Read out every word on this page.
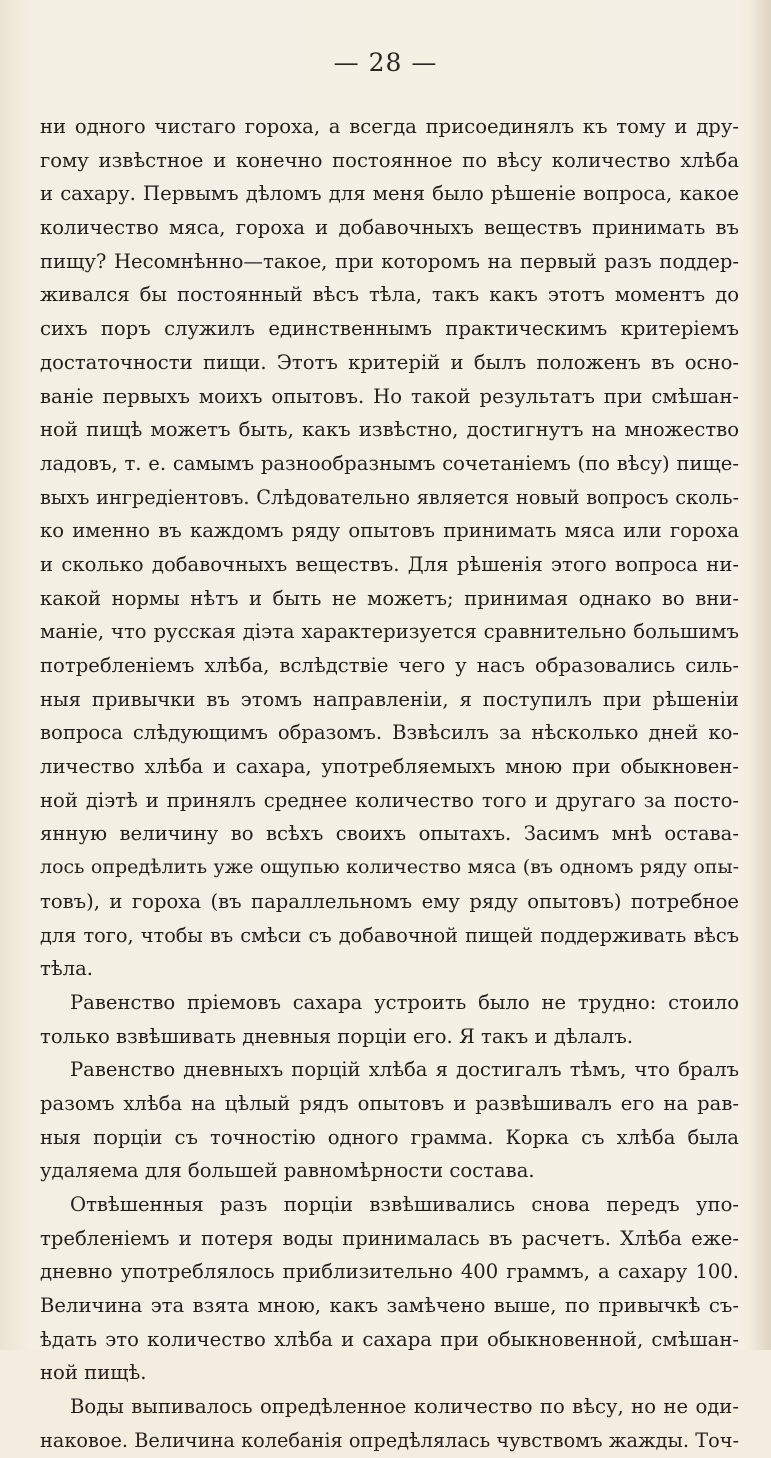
— 28 —
ни одного чистаго гороха, а всегда присоединялъ къ тому и дру-
гому извѣстное и конечно постоянное по вѣсу количество хлѣба
и сахару. Первымъ дѣломъ для меня было рѣшеніе вопроса, какое
количество мяса, гороха и добавочныхъ веществъ принимать въ
пищу? Несомнѣнно—такое, при которомъ на первый разъ поддер-
живался бы постоянный вѣсъ тѣла, такъ какъ этотъ моментъ до
сихъ поръ служилъ единственнымъ практическимъ критеріемъ
достаточности пищи. Этотъ критерій и былъ положенъ въ осно-
ваніе первыхъ моихъ опытовъ. Но такой результатъ при смѣшан-
ной пищѣ можетъ быть, какъ извѣстно, достигнутъ на множество
ладовъ, т. е. самымъ разнообразнымъ сочетаніемъ (по вѣсу) пище-
выхъ ингредіентовъ. Слѣдовательно является новый вопросъ сколь-
ко именно въ каждомъ ряду опытовъ принимать мяса или гороха
и сколько добавочныхъ веществъ. Для рѣшенія этого вопроса ни-
какой нормы нѣтъ и быть не можетъ; принимая однако во вни-
маніе, что русская діэта характеризуется сравнительно большимъ
потребленіемъ хлѣба, вслѣдствіе чего у насъ образовались силь-
ныя привычки въ этомъ направленіи, я поступилъ при рѣшеніи
вопроса слѣдующимъ образомъ. Взвѣсилъ за нѣсколько дней ко-
личество хлѣба и сахара, употребляемыхъ мною при обыкновен-
ной діэтѣ и принялъ среднее количество того и другаго за посто-
янную величину во всѣхъ своихъ опытахъ. Засимъ мнѣ остава-
лось опредѣлить уже ощупью количество мяса (въ одномъ ряду опы-
товъ), и гороха (въ параллельномъ ему ряду опытовъ) потребное
для того, чтобы въ смѣси съ добавочной пищей поддерживать вѣсъ
тѣла.
Равенство пріемовъ сахара устроить было не трудно: стоило
только взвѣшивать дневныя порціи его. Я такъ и дѣлалъ.
Равенство дневныхъ порцій хлѣба я достигалъ тѣмъ, что бралъ
разомъ хлѣба на цѣлый рядъ опытовъ и развѣшивалъ его на рав-
ныя порціи съ точностію одного грамма. Корка съ хлѣба была
удаляема для большей равномѣрности состава.
Отвѣшенныя разъ порціи взвѣшивались снова передъ упо-
треблeніемъ и потеря воды принималась въ расчетъ. Хлѣба еже-
дневно употреблялось приблизительно 400 граммъ, а сахару 100.
Величина эта взята мною, какъ замѣчено выше, по привычкѣ съ-
ѣдать это количество хлѣба и сахара при обыкновенной, смѣшан-
ной пищѣ.
Воды выпивалось опредѣленное количество по вѣсу, но не оди-
наковое. Величина колебанія опредѣлялась чувствомъ жажды. Точ-
